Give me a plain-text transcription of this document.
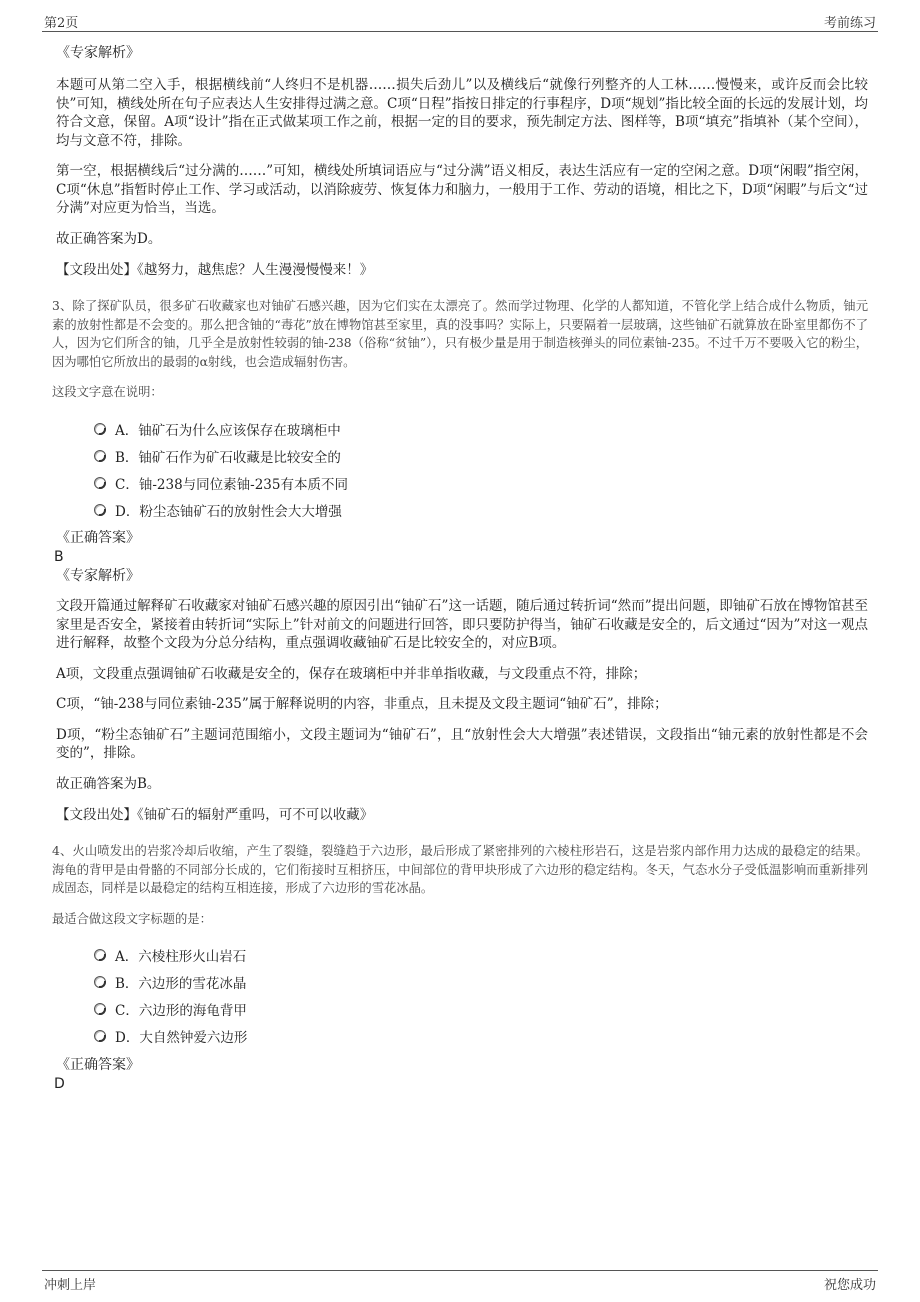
第2页	考前练习

《专家解析》

本题可从第二空入手，根据横线前“人终归不是机器……损失后劲儿”以及横线后“就像行列整齐的人工林……慢慢来，或许反而会比较快”可知，横线处所在句子应表达人生安排得过满之意。C项“日程”指按日排定的行事程序，D项“规划”指比较全面的长远的发展计划，均符合文意，保留。A项“设计”指在正式做某项工作之前，根据一定的目的要求，预先制定方法、图样等，B项“填充”指填补（某个空间），均与文意不符，排除。

第一空，根据横线后“过分满的……”可知，横线处所填词语应与“过分满”语义相反，表达生活应有一定的空闲之意。D项“闲暇”指空闲，C项“休息”指暂时停止工作、学习或活动，以消除疲劳、恢复体力和脑力，一般用于工作、劳动的语境，相比之下，D项“闲暇”与后文“过分满”对应更为恰当，当选。

故正确答案为D。

【文段出处】《越努力，越焦虑？人生漫漫慢慢来！》

3、除了探矿队员，很多矿石收藏家也对铀矿石感兴趣，因为它们实在太漂亮了。然而学过物理、化学的人都知道，不管化学上结合成什么物质，铀元素的放射性都是不会变的。那么把含铀的“毒花”放在博物馆甚至家里，真的没事吗？实际上，只要隔着一层玻璃，这些铀矿石就算放在卧室里都伤不了人，因为它们所含的铀，几乎全是放射性较弱的铀-238（俗称“贫铀”），只有极少量是用于制造核弹头的同位素铀-235。不过千万不要吸入它的粉尘，因为哪怕它所放出的最弱的α射线，也会造成辐射伤害。

这段文字意在说明：

A．铀矿石为什么应该保存在玻璃柜中
B．铀矿石作为矿石收藏是比较安全的
C．铀-238与同位素铀-235有本质不同
D．粉尘态铀矿石的放射性会大大增强

《正确答案》

B

《专家解析》

文段开篇通过解释矿石收藏家对铀矿石感兴趣的原因引出“铀矿石”这一话题，随后通过转折词“然而”提出问题，即铀矿石放在博物馆甚至家里是否安全，紧接着由转折词“实际上”针对前文的问题进行回答，即只要防护得当，铀矿石收藏是安全的，后文通过“因为”对这一观点进行解释，故整个文段为分总分结构，重点强调收藏铀矿石是比较安全的，对应B项。

A项，文段重点强调铀矿石收藏是安全的，保存在玻璃柜中并非单指收藏，与文段重点不符，排除；

C项，“铀-238与同位素铀-235”属于解释说明的内容，非重点，且未提及文段主题词“铀矿石”，排除；

D项，“粉尘态铀矿石”主题词范围缩小，文段主题词为“铀矿石”，且“放射性会大大增强”表述错误，文段指出“铀元素的放射性都是不会变的”，排除。

故正确答案为B。

【文段出处】《铀矿石的辐射严重吗，可不可以收藏》

4、火山喷发出的岩浆冷却后收缩，产生了裂缝，裂缝趋于六边形，最后形成了紧密排列的六棱柱形岩石，这是岩浆内部作用力达成的最稳定的结果。海龟的背甲是由骨骼的不同部分长成的，它们衔接时互相挤压，中间部位的背甲块形成了六边形的稳定结构。冬天，气态水分子受低温影响而重新排列成固态，同样是以最稳定的结构互相连接，形成了六边形的雪花冰晶。

最适合做这段文字标题的是：

A．六棱柱形火山岩石
B．六边形的雪花冰晶
C．六边形的海龟背甲
D．大自然钟爱六边形

《正确答案》

D

冲刺上岸	祝您成功
